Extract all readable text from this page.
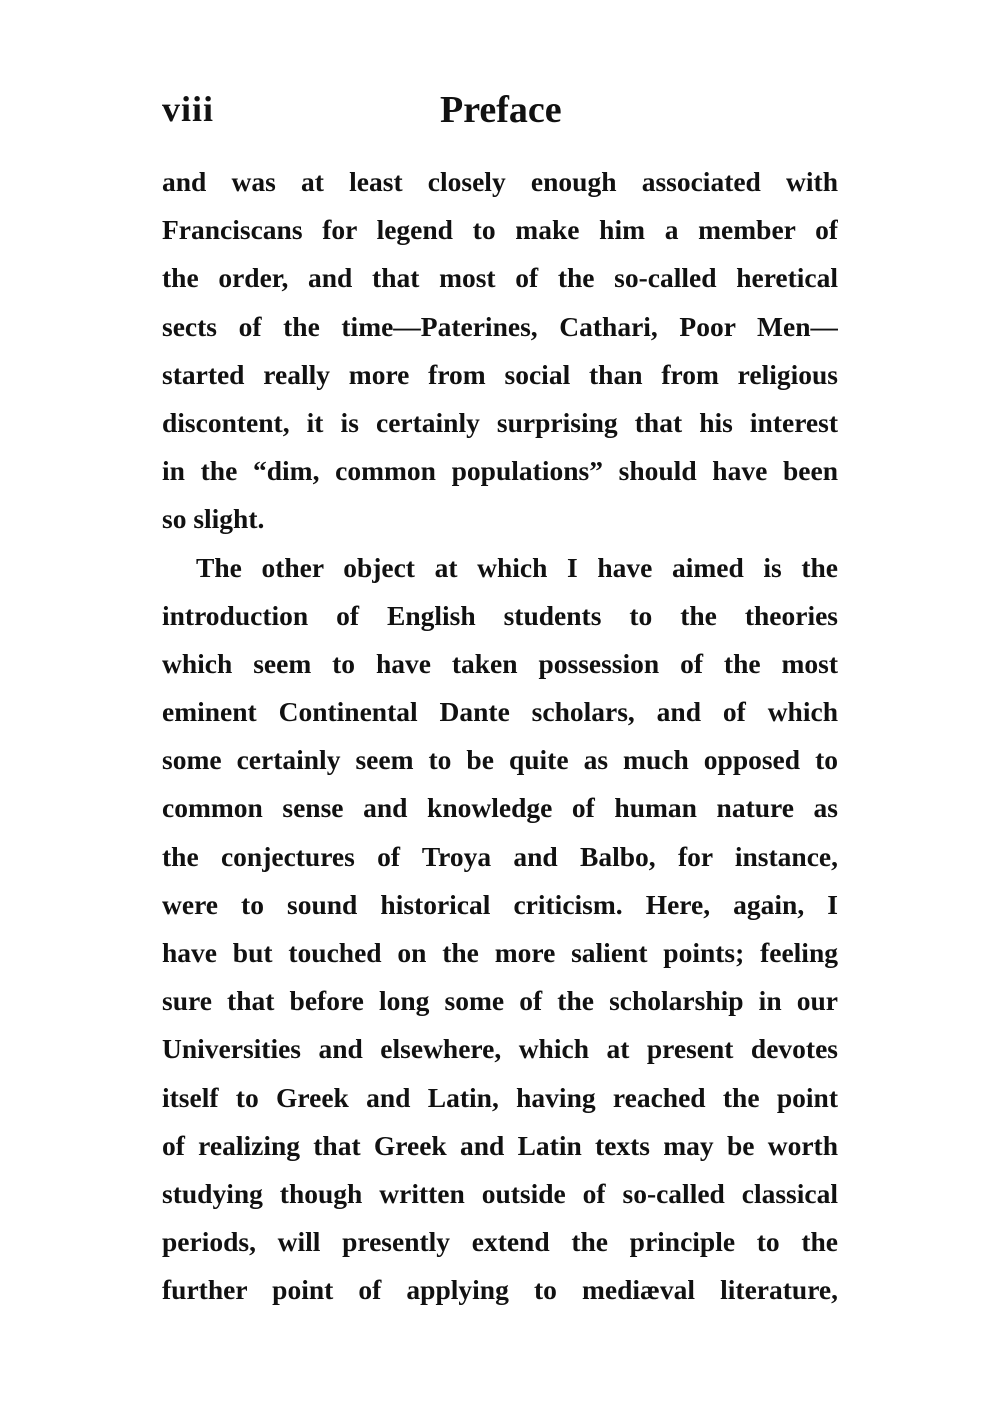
viii	Preface
and was at least closely enough associated with
Franciscans for legend to make him a member of
the order, and that most of the so-called heretical
sects of the time—Paterines, Cathari, Poor Men—
started really more from social than from religious
discontent, it is certainly surprising that his interest
in the “dim, common populations” should have been
so slight.
The other object at which I have aimed is the
introduction of English students to the theories
which seem to have taken possession of the most
eminent Continental Dante scholars, and of which
some certainly seem to be quite as much opposed to
common sense and knowledge of human nature as
the conjectures of Troya and Balbo, for instance,
were to sound historical criticism. Here, again, I
have but touched on the more salient points; feeling
sure that before long some of the scholarship in our
Universities and elsewhere, which at present devotes
itself to Greek and Latin, having reached the point
of realizing that Greek and Latin texts may be worth
studying though written outside of so-called classical
periods, will presently extend the principle to the
further point of applying to mediæval literature,
